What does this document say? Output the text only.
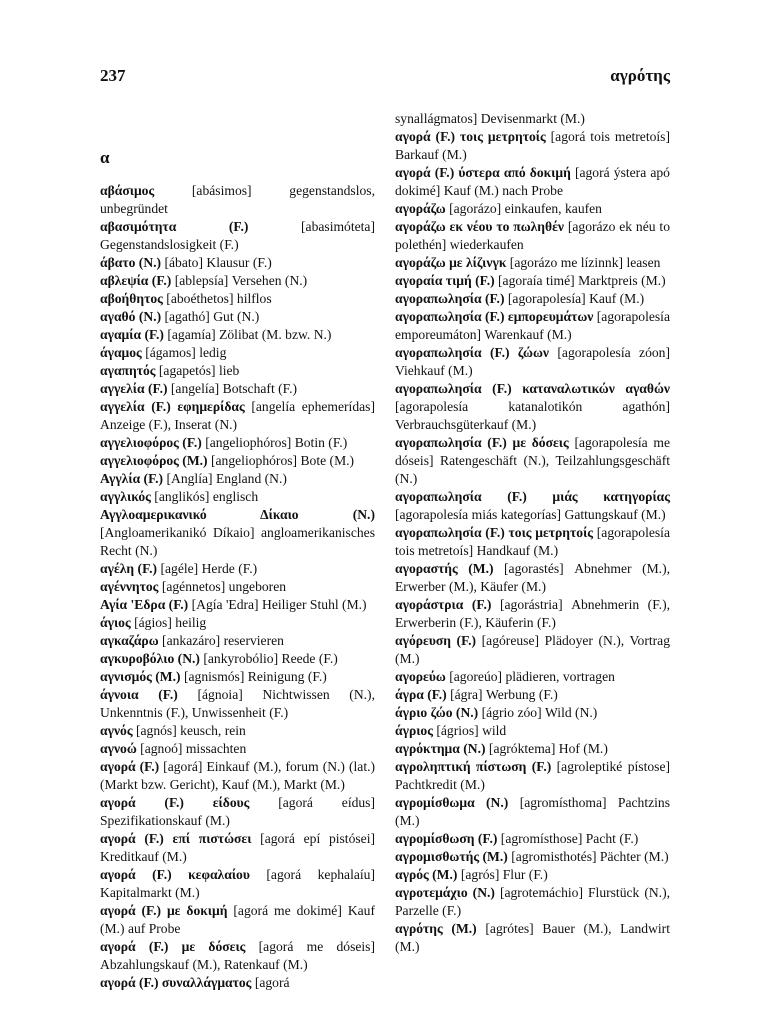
237	αγρότης
α

αβάσιμος	[abásimos]	gegenstandslos, unbegründet

αβασιμότητα (F.)	[abasimóteta] Gegenstandslosigkeit (F.)

άβατο (N.) [ábato] Klausur (F.)

αβλεψία (F.) [ablepsía] Versehen (N.)

αβοήθητος [aboéthetos] hilflos

αγαθό (N.) [agathó] Gut (N.)

αγαμία (F.) [agamía] Zölibat (M. bzw. N.)

άγαμος [ágamos] ledig

αγαπητός [agapetós] lieb

αγγελία (F.) [angelía] Botschaft (F.)

αγγελία (F.) εφημερίδας [angelía ephemerídas] Anzeige (F.), Inserat (N.)

αγγελιοφόρος (F.) [angeliophóros] Botin (F.)

αγγελιοφόρος (M.) [angeliophóros] Bote (M.)

Αγγλία (F.) [Anglía] England (N.)

αγγλικός [anglikós] englisch

Αγγλοαμερικανικό Δίκαιο (N.) [Angloamerikanikó Díkaio] angloamerikanisches Recht (N.)

αγέλη (F.) [agéle] Herde (F.)

αγέννητος [agénnetos] ungeboren

Αγία 'Εδρα (F.) [Agía 'Edra] Heiliger Stuhl (M.)

άγιος [ágios] heilig

αγκαζάρω [ankazáro] reservieren

αγκυροβόλιο (N.) [ankyrobólio] Reede (F.)

αγνισμός (M.) [agnismós] Reinigung (F.)

άγνοια (F.) [ágnoia] Nichtwissen (N.), Unkenntnis (F.), Unwissenheit (F.)

αγνός [agnós] keusch, rein

αγνοώ [agnoó] missachten

αγορά (F.) [agorá] Einkauf (M.), forum (N.) (lat.) (Markt bzw. Gericht), Kauf (M.), Markt (M.)

αγορά (F.) είδους [agorá eídus] Spezifikationskauf (M.)

αγορά (F.) επί πιστώσει [agorá epí pistósei] Kreditkauf (M.)

αγορά (F.) κεφαλαίου [agorá kephalaíu] Kapitalmarkt (M.)

αγορά (F.) με δοκιμή [agorá me dokimé] Kauf (M.) auf Probe

αγορά (F.) με δόσεις [agorá me dóseis] Abzahlungskauf (M.), Ratenkauf (M.)

αγορά (F.) συναλλάγματος [agorá

synallágmatos] Devisenmarkt (M.)

αγορά (F.) τοις μετρητοίς [agorá tois metretoís] Barkauf (M.)

αγορά (F.) ύστερα από δοκιμή [agorá ýstera apó dokimé] Kauf (M.) nach Probe

αγοράζω [agorázo] einkaufen, kaufen

αγοράζω εκ νέου το πωληθέν [agorázo ek néu to polethén] wiederkaufen

αγοράζω με λίζινγκ [agorázo me lízinnk] leasen

αγοραία τιμή (F.) [agoraía timé] Marktpreis (M.)

αγοραπωλησία (F.) [agorapolesía] Kauf (M.)

αγοραπωλησία (F.) εμπορευμάτων [agorapolesía emporeumáton] Warenkauf (M.)

αγοραπωλησία (F.) ζώων [agorapolesía zóon] Viehkauf (M.)

αγοραπωλησία (F.) καταναλωτικών αγαθών [agorapolesía katanalotikón agathón] Verbrauchsgüterkauf (M.)

αγοραπωλησία (F.) με δόσεις [agorapolesía me dóseis] Ratengeschäft (N.), Teilzahlungsgeschäft (N.)

αγοραπωλησία (F.) μιάς κατηγορίας [agorapolesía miás kategorías] Gattungskauf (M.)

αγοραπωλησία (F.) τοις μετρητοίς [agorapolesía tois metretoís] Handkauf (M.)

αγοραστής (M.) [agorastés] Abnehmer (M.), Erwerber (M.), Käufer (M.)

αγοράστρια (F.) [agorástria] Abnehmerin (F.), Erwerberin (F.), Käuferin (F.)

αγόρευση (F.) [agóreuse] Plädoyer (N.), Vortrag (M.)

αγορεύω [agoreúo] plädieren, vortragen

άγρα (F.) [ágra] Werbung (F.)

άγριο ζώο (N.) [ágrio zóo] Wild (N.)

άγριος [ágrios] wild

αγρόκτημα (N.) [agróktema] Hof (M.)

αγροληπτική πίστωση (F.) [agroleptiké pístose] Pachtkredit (M.)

αγρομίσθωμα (N.) [agromísthoma] Pachtzins (M.)

αγρομίσθωση (F.) [agromísthose] Pacht (F.)

αγρομισθωτής (M.) [agromisthotés] Pächter (M.)

αγρός (M.) [agrós] Flur (F.)

αγροτεμάχιο (N.) [agrotemáchio] Flurstück (N.), Parzelle (F.)

αγρότης (M.) [agrótes] Bauer (M.), Landwirt (M.)
